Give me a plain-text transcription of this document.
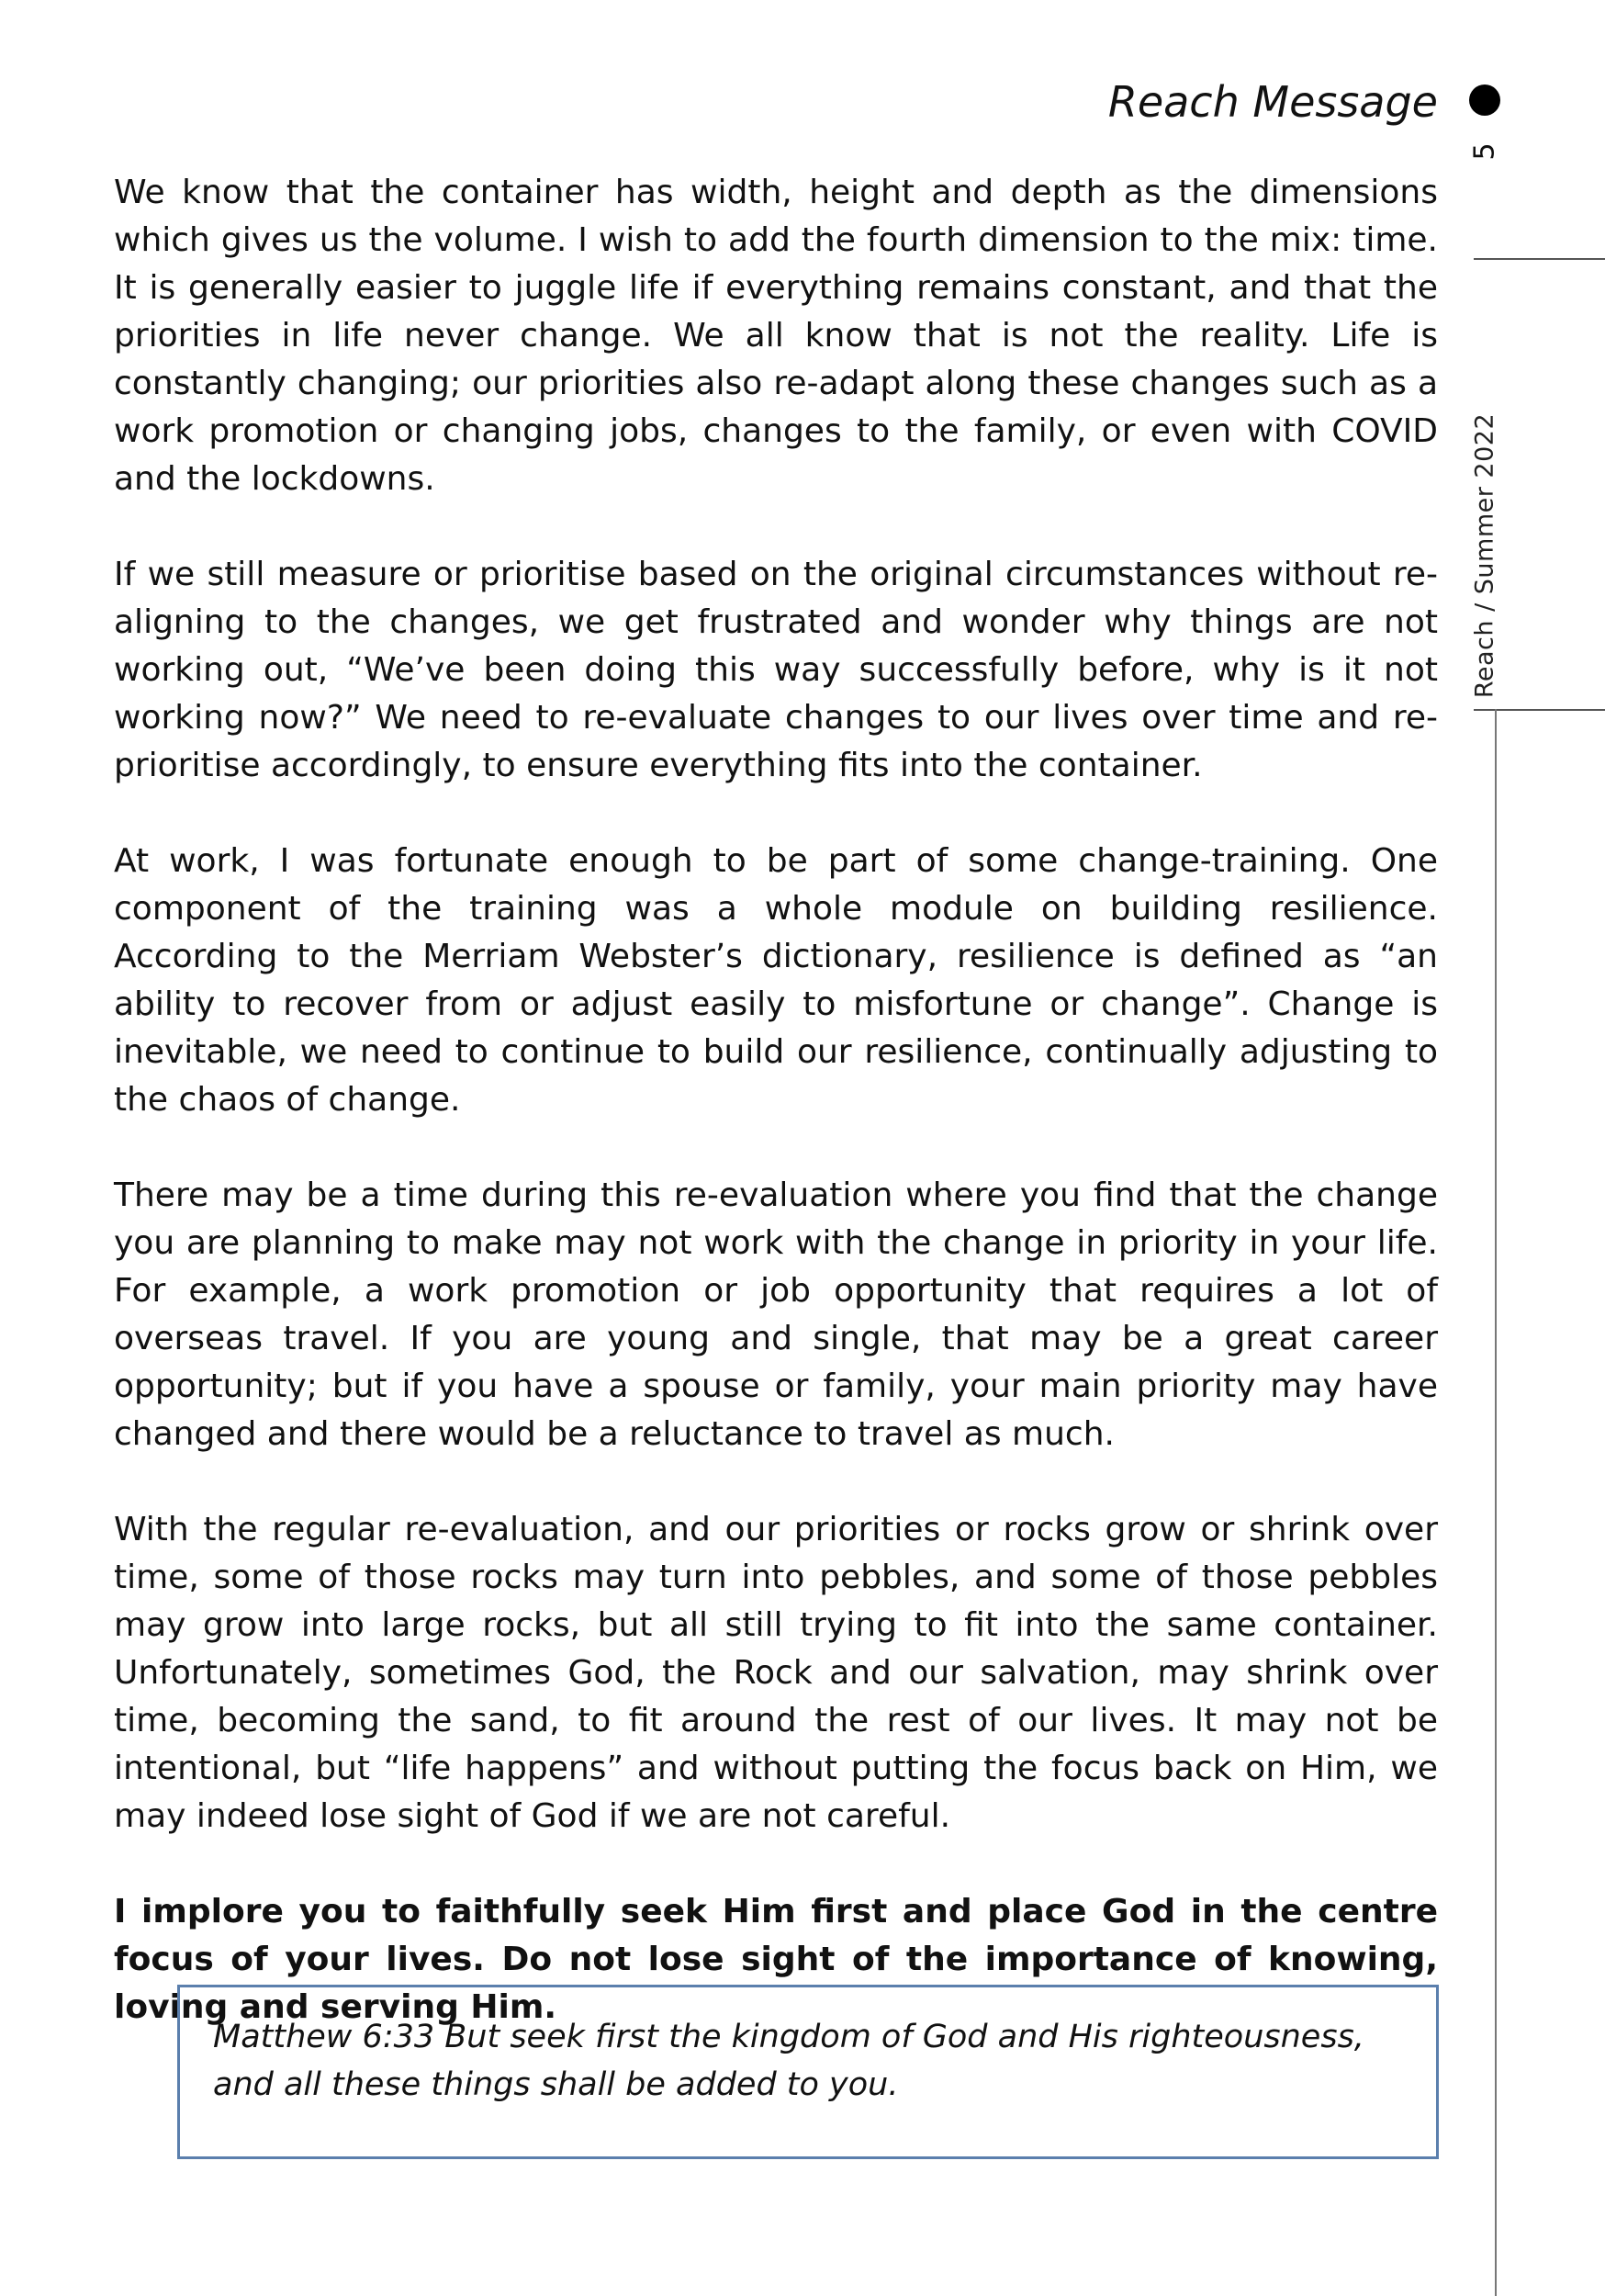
Reach Message
5
Reach / Summer 2022

We know that the container has width, height and depth as the dimensions which gives us the volume. I wish to add the fourth dimension to the mix: time. It is generally easier to juggle life if everything remains constant, and that the priorities in life never change. We all know that is not the reality. Life is constantly changing; our priorities also re-adapt along these changes such as a work promotion or changing jobs, changes to the family, or even with COVID and the lockdowns.

If we still measure or prioritise based on the original circumstances without re-aligning to the changes, we get frustrated and wonder why things are not working out, “We’ve been doing this way successfully before, why is it not working now?” We need to re-evaluate changes to our lives over time and re-prioritise accordingly, to ensure everything fits into the container.

At work, I was fortunate enough to be part of some change-training. One component of the training was a whole module on building resilience. According to the Merriam Webster’s dictionary, resilience is defined as “an ability to recover from or adjust easily to misfortune or change”. Change is inevitable, we need to continue to build our resilience, continually adjusting to the chaos of change.

There may be a time during this re-evaluation where you find that the change you are planning to make may not work with the change in priority in your life. For example, a work promotion or job opportunity that requires a lot of overseas travel. If you are young and single, that may be a great career opportunity; but if you have a spouse or family, your main priority may have changed and there would be a reluctance to travel as much.

With the regular re-evaluation, and our priorities or rocks grow or shrink over time, some of those rocks may turn into pebbles, and some of those pebbles may grow into large rocks, but all still trying to fit into the same container. Unfortunately, sometimes God, the Rock and our salvation, may shrink over time, becoming the sand, to fit around the rest of our lives. It may not be intentional, but “life happens” and without putting the focus back on Him, we may indeed lose sight of God if we are not careful.

I implore you to faithfully seek Him first and place God in the centre focus of your lives. Do not lose sight of the importance of knowing, loving and serving Him.

Matthew 6:33 But seek first the kingdom of God and His righteousness, and all these things shall be added to you.
